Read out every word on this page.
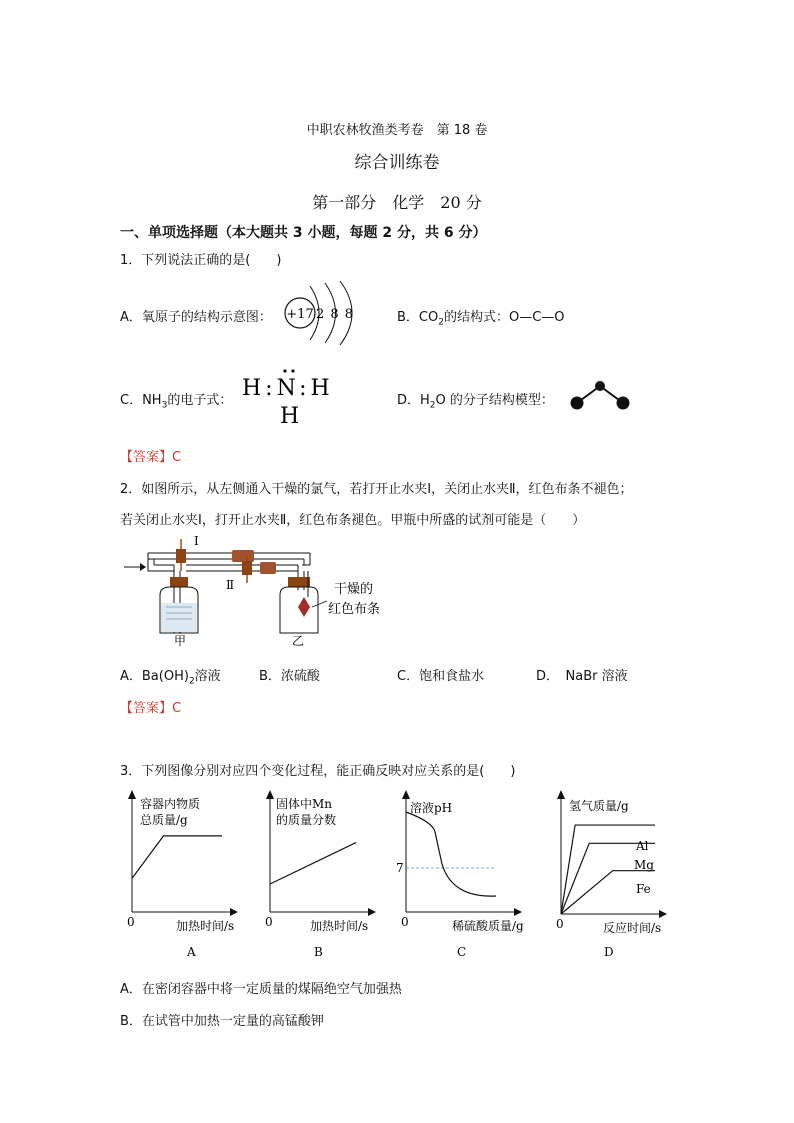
中职农林牧渔类考卷　第 18 卷
综合训练卷
第一部分　化学　20 分
一、单项选择题（本大题共 3 小题，每题 2 分，共 6 分）
1．下列说法正确的是(　　)
A．氧原子的结构示意图： +17 2 8 8	B．$CO_2$的结构式：O—C—O
C．$NH_3$的电子式： H:N:H
H
D．$H_2O$ 的分子结构模型：
【答案】C
2．如图所示，从左侧通入干燥的氯气，若打开止水夹Ⅰ，关闭止水夹Ⅱ，红色布条不褪色；
若关闭止水夹Ⅰ，打开止水夹Ⅱ，红色布条褪色。甲瓶中所盛的试剂可能是（　　）
Ⅰ
Ⅱ
甲	乙
干燥的
红色布条
A．$Ba(OH)_2$溶液	B．浓硫酸	C．饱和食盐水	D．　NaBr 溶液
【答案】C
3．下列图像分别对应四个变化过程，能正确反映对应关系的是(　　)
容器内物质
总质量/g
0	加热时间/s
A
固体中Mn
的质量分数
0	加热时间/s
B
溶液pH
7
0	稀硫酸质量/g
C
氢气质量/g
Al
Mg
Fe
0	反应时间/s
D
A．在密闭容器中将一定质量的煤隔绝空气加强热
B．在试管中加热一定量的高锰酸钾
